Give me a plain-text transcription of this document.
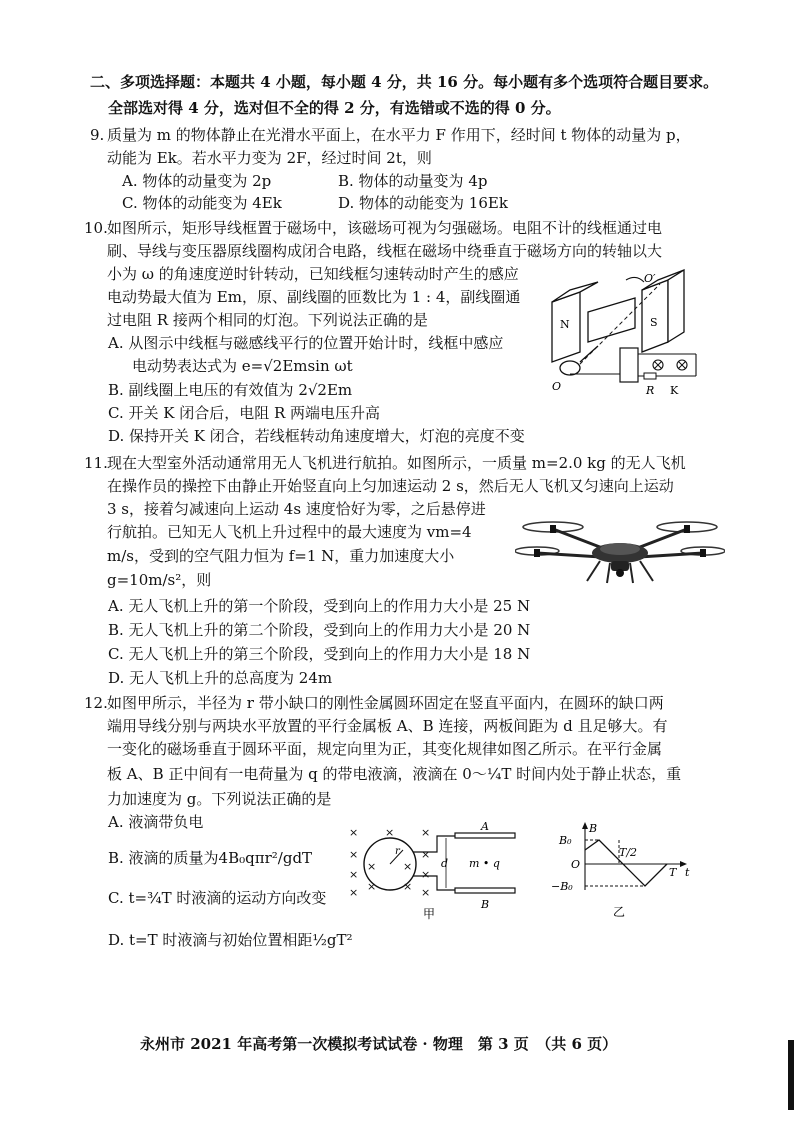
二、多项选择题：本题共 4 小题，每小题 4 分，共 16 分。每小题有多个选项符合题目要求。
全部选对得 4 分，选对但不全的得 2 分，有选错或不选的得 0 分。
9. 质量为 m 的物体静止在光滑水平面上，在水平力 F 作用下，经时间 t 物体的动量为 p，
动能为 Ek。若水平力变为 2F，经过时间 2t，则
A. 物体的动量变为 2p	B. 物体的动量变为 4p
C. 物体的动能变为 4Ek	D. 物体的动能变为 16Ek
10. 如图所示，矩形导线框置于磁场中，该磁场可视为匀强磁场。电阻不计的线框通过电
刷、导线与变压器原线圈构成闭合电路，线框在磁场中绕垂直于磁场方向的转轴以大
小为 ω 的角速度逆时针转动，已知线框匀速转动时产生的感应
电动势最大值为 Em，原、副线圈的匝数比为 1 : 4，副线圈通
过电阻 R 接两个相同的灯泡。下列说法正确的是
A. 从图示中线框与磁感线平行的位置开始计时，线框中感应
电动势表达式为 e=√2Emsin ωt
B. 副线圈上电压的有效值为 2√2Em
C. 开关 K 闭合后，电阻 R 两端电压升高
D. 保持开关 K 闭合，若线框转动角速度增大，灯泡的亮度不变
O′
N	S
O	R K
11. 现在大型室外活动通常用无人飞机进行航拍。如图所示，一质量 m=2.0 kg 的无人飞机
在操作员的操控下由静止开始竖直向上匀加速运动 2 s，然后无人飞机又匀速向上运动
3 s，接着匀减速向上运动 4s 速度恰好为零，之后悬停进
行航拍。已知无人飞机上升过程中的最大速度为 vm=4
m/s，受到的空气阻力恒为 f=1 N，重力加速度大小
g=10m/s²，则
A. 无人飞机上升的第一个阶段，受到向上的作用力大小是 25 N
B. 无人飞机上升的第二个阶段，受到向上的作用力大小是 20 N
C. 无人飞机上升的第三个阶段，受到向上的作用力大小是 18 N
D. 无人飞机上升的总高度为 24m
12. 如图甲所示，半径为 r 带小缺口的刚性金属圆环固定在竖直平面内，在圆环的缺口两
端用导线分别与两块水平放置的平行金属板 A、B 连接，两板间距为 d 且足够大。有
一变化的磁场垂直于圆环平面，规定向里为正，其变化规律如图乙所示。在平行金属
板 A、B 正中间有一电荷量为 q 的带电液滴，液滴在 0～¼T 时间内处于静止状态，重
力加速度为 g。下列说法正确的是
A. 液滴带负电
B. 液滴的质量为4B₀qπr²/gdT
C. t=¾T 时液滴的运动方向改变
D. t=T 时液滴与初始位置相距½gT²
× × ×
×	×
×
× ×
×
×	×
× ×
r
d
A
B
m • q
甲
B₀
B
O
−B₀
T/2
T t
乙
永州市 2021 年高考第一次模拟考试试卷 · 物理　第 3 页　（共 6 页）
